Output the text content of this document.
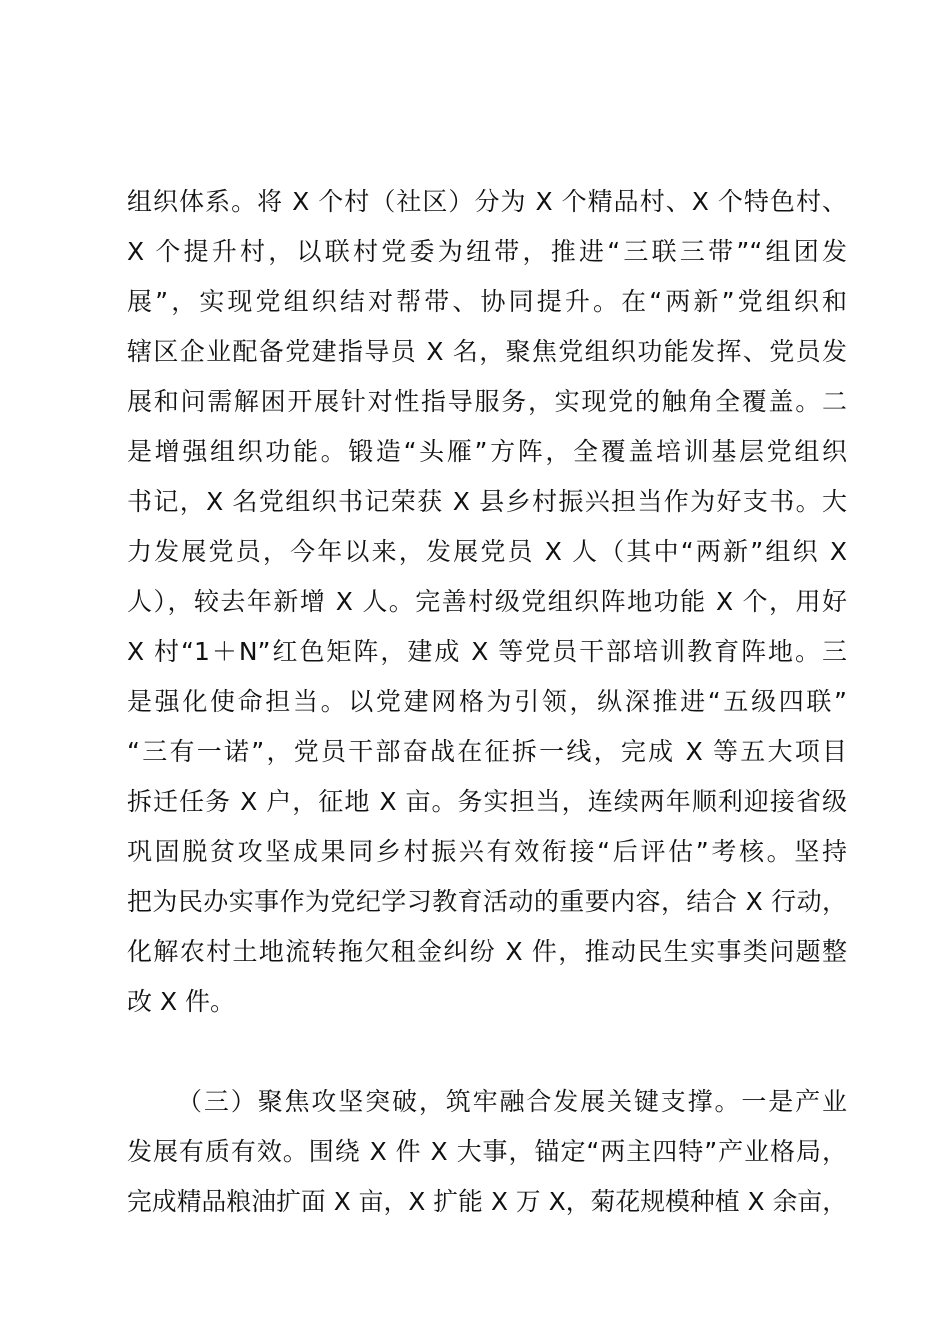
组织体系。将 X 个村（社区）分为 X 个精品村、X 个特色村、
X 个提升村，以联村党委为纽带，推进“三联三带”“组团发
展”，实现党组织结对帮带、协同提升。在“两新”党组织和
辖区企业配备党建指导员 X 名，聚焦党组织功能发挥、党员发
展和问需解困开展针对性指导服务，实现党的触角全覆盖。二
是增强组织功能。锻造“头雁”方阵，全覆盖培训基层党组织
书记，X 名党组织书记荣获 X 县乡村振兴担当作为好支书。大
力发展党员，今年以来，发展党员 X 人（其中“两新”组织 X
人），较去年新增 X 人。完善村级党组织阵地功能 X 个，用好
X 村“1＋N”红色矩阵，建成 X 等党员干部培训教育阵地。三
是强化使命担当。以党建网格为引领，纵深推进“五级四联”
“三有一诺”，党员干部奋战在征拆一线，完成 X 等五大项目
拆迁任务 X 户，征地 X 亩。务实担当，连续两年顺利迎接省级
巩固脱贫攻坚成果同乡村振兴有效衔接“后评估”考核。坚持
把为民办实事作为党纪学习教育活动的重要内容，结合 X 行动，
化解农村土地流转拖欠租金纠纷 X 件，推动民生实事类问题整
改 X 件。
（三）聚焦攻坚突破，筑牢融合发展关键支撑。一是产业
发展有质有效。围绕 X 件 X 大事，锚定“两主四特”产业格局，
完成精品粮油扩面 X 亩，X 扩能 X 万 X，菊花规模种植 X 余亩，
